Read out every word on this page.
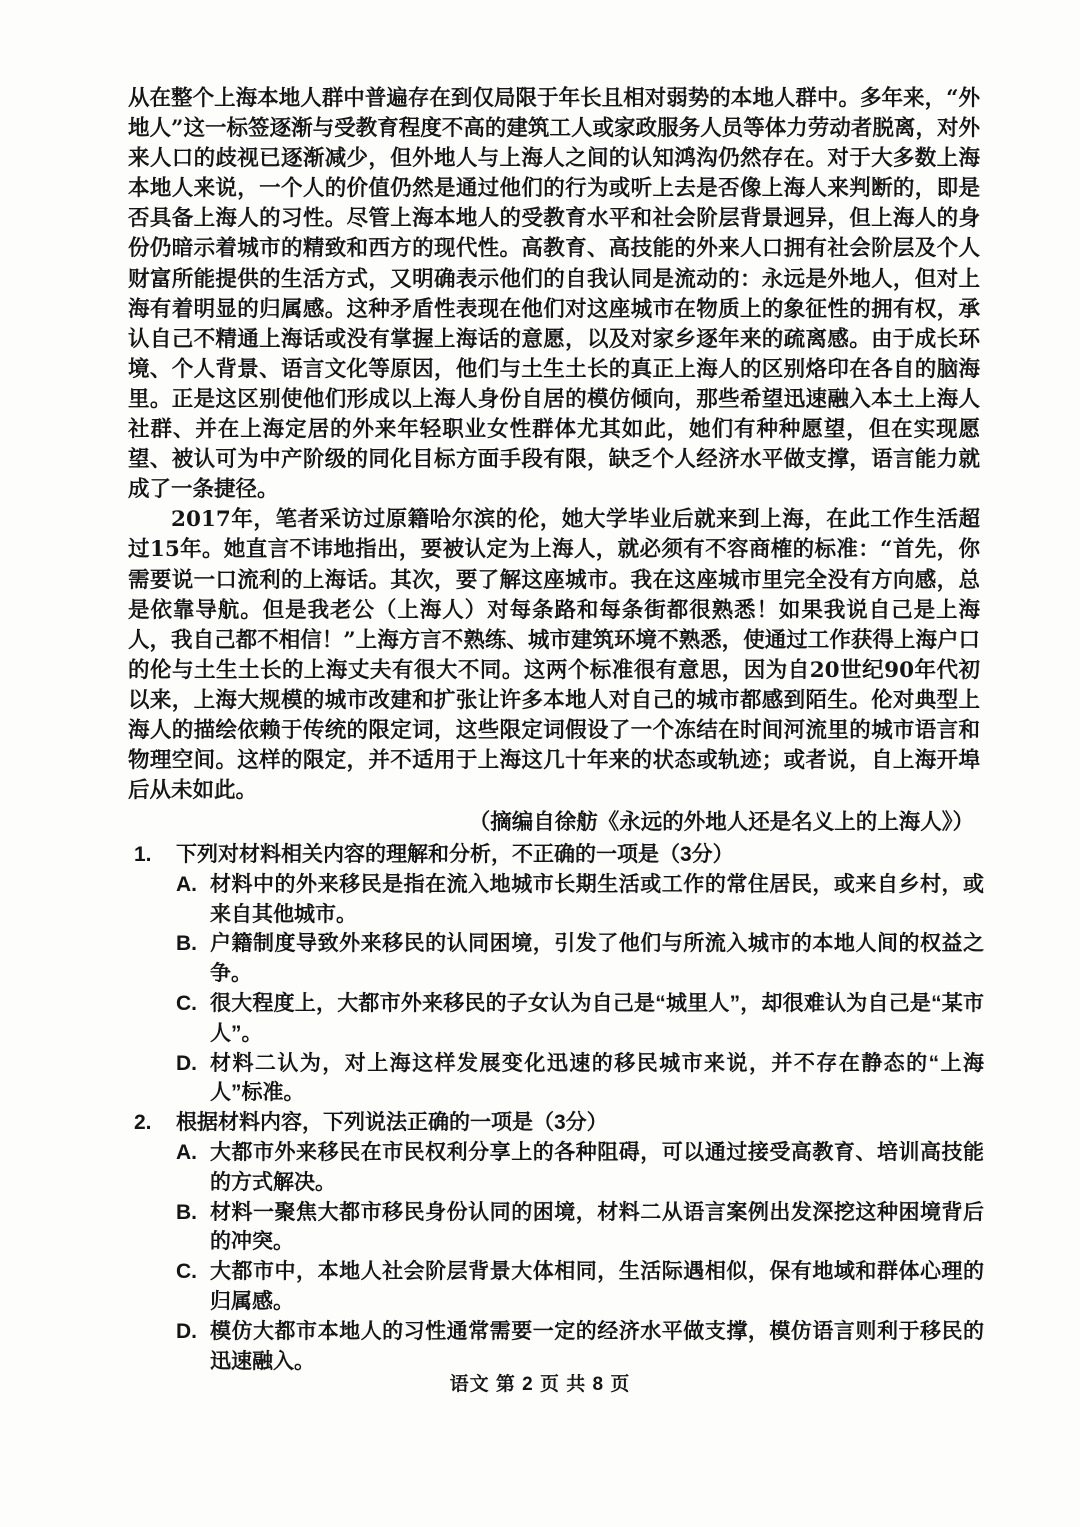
从在整个上海本地人群中普遍存在到仅局限于年长且相对弱势的本地人群中。多年来，“外地人”这一标签逐渐与受教育程度不高的建筑工人或家政服务人员等体力劳动者脱离，对外来人口的歧视已逐渐减少，但外地人与上海人之间的认知鸿沟仍然存在。对于大多数上海本地人来说，一个人的价值仍然是通过他们的行为或听上去是否像上海人来判断的，即是否具备上海人的习性。尽管上海本地人的受教育水平和社会阶层背景迥异，但上海人的身份仍暗示着城市的精致和西方的现代性。高教育、高技能的外来人口拥有社会阶层及个人财富所能提供的生活方式，又明确表示他们的自我认同是流动的：永远是外地人，但对上海有着明显的归属感。这种矛盾性表现在他们对这座城市在物质上的象征性的拥有权，承认自己不精通上海话或没有掌握上海话的意愿，以及对家乡逐年来的疏离感。由于成长环境、个人背景、语言文化等原因，他们与土生土长的真正上海人的区别烙印在各自的脑海里。正是这区别使他们形成以上海人身份自居的模仿倾向，那些希望迅速融入本土上海人社群、并在上海定居的外来年轻职业女性群体尤其如此，她们有种种愿望，但在实现愿望、被认可为中产阶级的同化目标方面手段有限，缺乏个人经济水平做支撑，语言能力就成了一条捷径。

2017年，笔者采访过原籍哈尔滨的伦，她大学毕业后就来到上海，在此工作生活超过15年。她直言不讳地指出，要被认定为上海人，就必须有不容商榷的标准：“首先，你需要说一口流利的上海话。其次，要了解这座城市。我在这座城市里完全没有方向感，总是依靠导航。但是我老公（上海人）对每条路和每条街都很熟悉！如果我说自己是上海人，我自己都不相信！”上海方言不熟练、城市建筑环境不熟悉，使通过工作获得上海户口的伦与土生土长的上海丈夫有很大不同。这两个标准很有意思，因为自20世纪90年代初以来，上海大规模的城市改建和扩张让许多本地人对自己的城市都感到陌生。伦对典型上海人的描绘依赖于传统的限定词，这些限定词假设了一个冻结在时间河流里的城市语言和物理空间。这样的限定，并不适用于上海这几十年来的状态或轨迹；或者说，自上海开埠后从未如此。

（摘编自徐舫《永远的外地人还是名义上的上海人》）
1.	下列对材料相关内容的理解和分析，不正确的一项是（3分）
A. 材料中的外来移民是指在流入地城市长期生活或工作的常住居民，或来自乡村，或来自其他城市。
B. 户籍制度导致外来移民的认同困境，引发了他们与所流入城市的本地人间的权益之争。
C. 很大程度上，大都市外来移民的子女认为自己是“城里人”，却很难认为自己是“某市人”。
D. 材料二认为，对上海这样发展变化迅速的移民城市来说，并不存在静态的“上海人”标准。
2.	根据材料内容，下列说法正确的一项是（3分）
A. 大都市外来移民在市民权利分享上的各种阻碍，可以通过接受高教育、培训高技能的方式解决。
B. 材料一聚焦大都市移民身份认同的困境，材料二从语言案例出发深挖这种困境背后的冲突。
C. 大都市中，本地人社会阶层背景大体相同，生活际遇相似，保有地域和群体心理的归属感。
D. 模仿大都市本地人的习性通常需要一定的经济水平做支撑，模仿语言则利于移民的迅速融入。
语文 第 2 页 共 8 页
